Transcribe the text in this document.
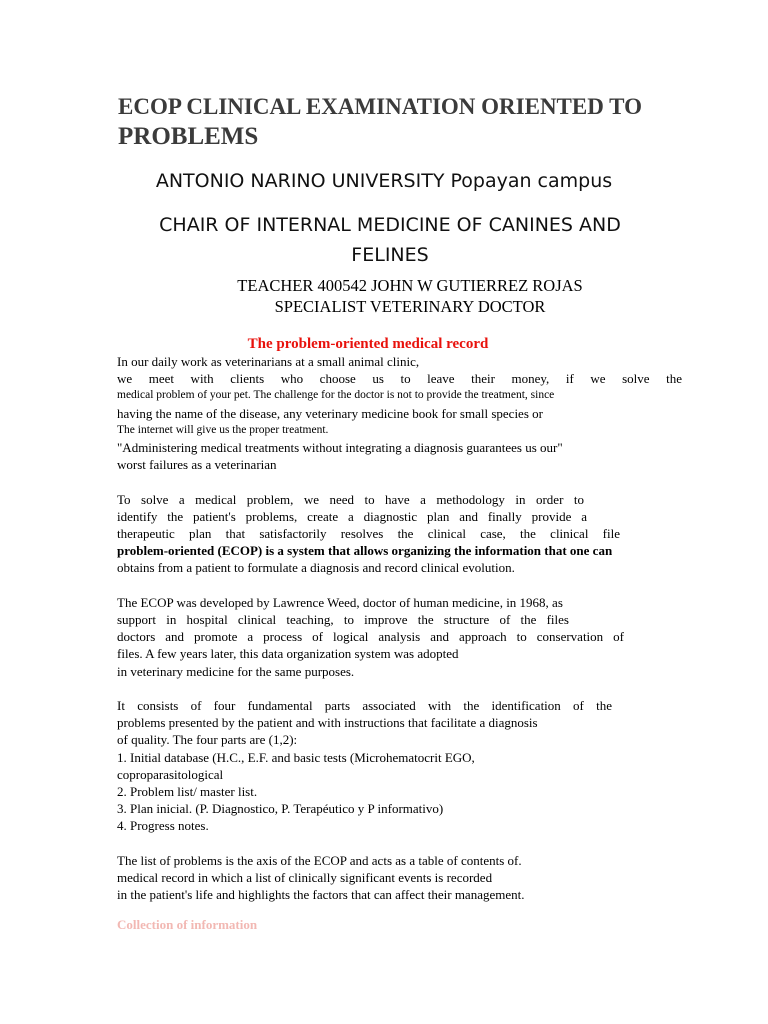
ECOP CLINICAL EXAMINATION ORIENTED TO
PROBLEMS
ANTONIO NARINO UNIVERSITY Popayan campus
CHAIR OF INTERNAL MEDICINE OF CANINES AND FELINES
TEACHER 400542 JOHN W GUTIERREZ ROJAS
SPECIALIST VETERINARY DOCTOR
The problem-oriented medical record
In our daily work as veterinarians at a small animal clinic,
we meet with clients who choose us to leave their money, if we solve the
medical problem of your pet. The challenge for the doctor is not to provide the treatment, since
having the name of the disease, any veterinary medicine book for small species or
The internet will give us the proper treatment.
"Administering medical treatments without integrating a diagnosis guarantees us our"
worst failures as a veterinarian
To solve a medical problem, we need to have a methodology in order to
identify the patient's problems, create a diagnostic plan and finally provide a
therapeutic plan that satisfactorily resolves the clinical case, the clinical file
problem-oriented (ECOP) is a system that allows organizing the information that one can
obtains from a patient to formulate a diagnosis and record clinical evolution.
The ECOP was developed by Lawrence Weed, doctor of human medicine, in 1968, as
support in hospital clinical teaching, to improve the structure of the files
doctors and promote a process of logical analysis and approach to conservation of
files. A few years later, this data organization system was adopted
in veterinary medicine for the same purposes.
It consists of four fundamental parts associated with the identification of the
problems presented by the patient and with instructions that facilitate a diagnosis
of quality. The four parts are (1,2):
1. Initial database (H.C., E.F. and basic tests (Microhematocrit EGO,
coproparasitological
2. Problem list/ master list.
3. Plan inicial. (P. Diagnostico, P. Terapéutico y P informativo)
4. Progress notes.
The list of problems is the axis of the ECOP and acts as a table of contents of.
medical record in which a list of clinically significant events is recorded
in the patient's life and highlights the factors that can affect their management.
Collection of information
